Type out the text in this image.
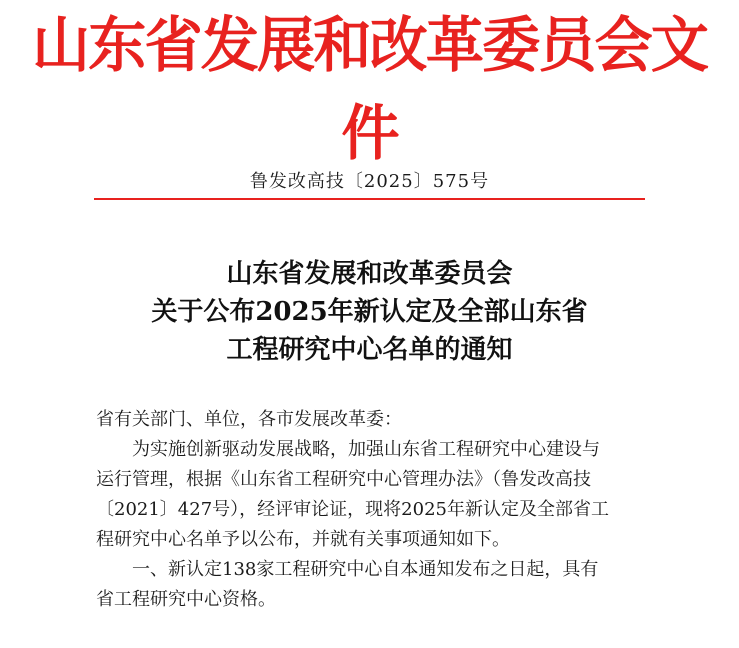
山东省发展和改革委员会文件
鲁发改高技〔2025〕575号
山东省发展和改革委员会
关于公布2025年新认定及全部山东省
工程研究中心名单的通知
省有关部门、单位，各市发展改革委：
为实施创新驱动发展战略，加强山东省工程研究中心建设与
运行管理，根据《山东省工程研究中心管理办法》（鲁发改高技
〔2021〕427号），经评审论证，现将2025年新认定及全部省工
程研究中心名单予以公布，并就有关事项通知如下。
一、新认定138家工程研究中心自本通知发布之日起，具有
省工程研究中心资格。
